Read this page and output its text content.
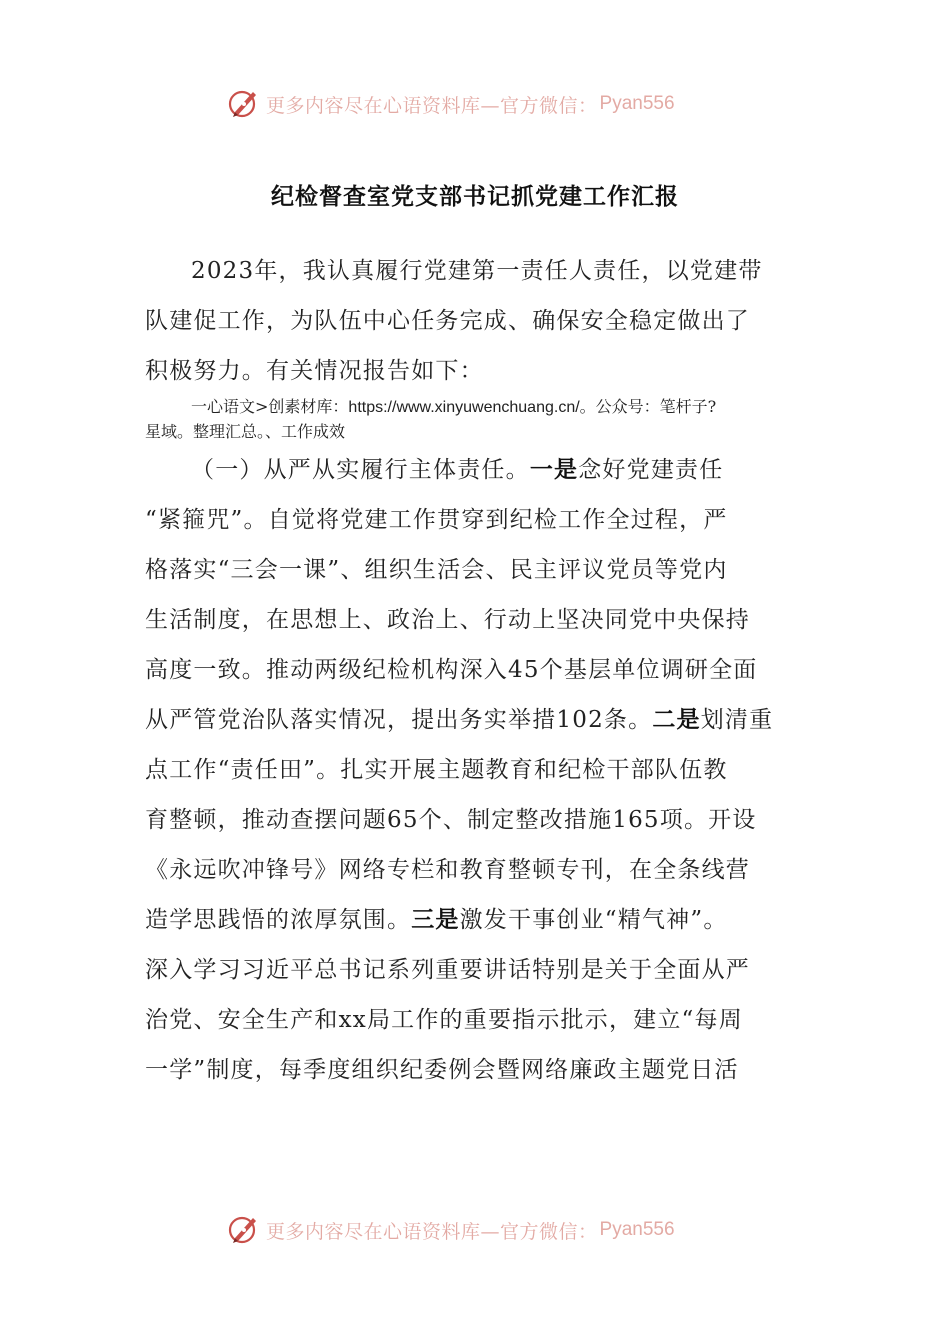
更多内容尽在心语资料库—官方微信： Pyan556
纪检督查室党支部书记抓党建工作汇报
2023年，我认真履行党建第一责任人责任，以党建带
队建促工作，为队伍中心任务完成、确保安全稳定做出了
积极努力。有关情况报告如下：
一心语文>创素材库：https://www.xinyuwenchuang.cn/。公众号：笔杆子?
星域。整理汇总。、工作成效
（一）从严从实履行主体责任。一是念好党建责任
“紧箍咒”。自觉将党建工作贯穿到纪检工作全过程，严
格落实“三会一课”、组织生活会、民主评议党员等党内
生活制度，在思想上、政治上、行动上坚决同党中央保持
高度一致。推动两级纪检机构深入45个基层单位调研全面
从严管党治队落实情况，提出务实举措102条。二是划清重
点工作“责任田”。扎实开展主题教育和纪检干部队伍教
育整顿，推动查摆问题65个、制定整改措施165项。开设
《永远吹冲锋号》网络专栏和教育整顿专刊，在全条线营
造学思践悟的浓厚氛围。三是激发干事创业“精气神”。
深入学习习近平总书记系列重要讲话特别是关于全面从严
治党、安全生产和xx局工作的重要指示批示，建立“每周
一学”制度，每季度组织纪委例会暨网络廉政主题党日活
更多内容尽在心语资料库—官方微信： Pyan556
